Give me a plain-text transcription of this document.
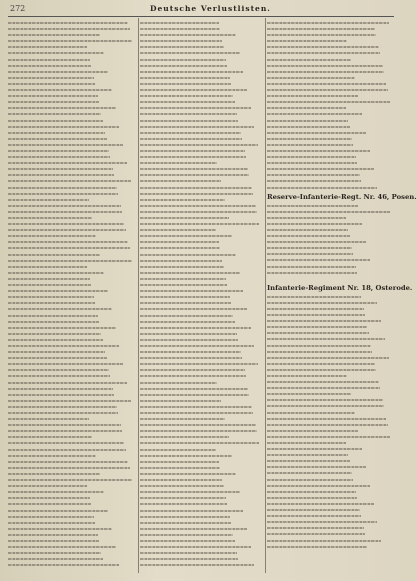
272	Deutsche Verlustlisten.
Reserve-Infanterie-Regt. Nr. 46, Posen.
Infanterie-Regiment Nr. 18, Osterode.
